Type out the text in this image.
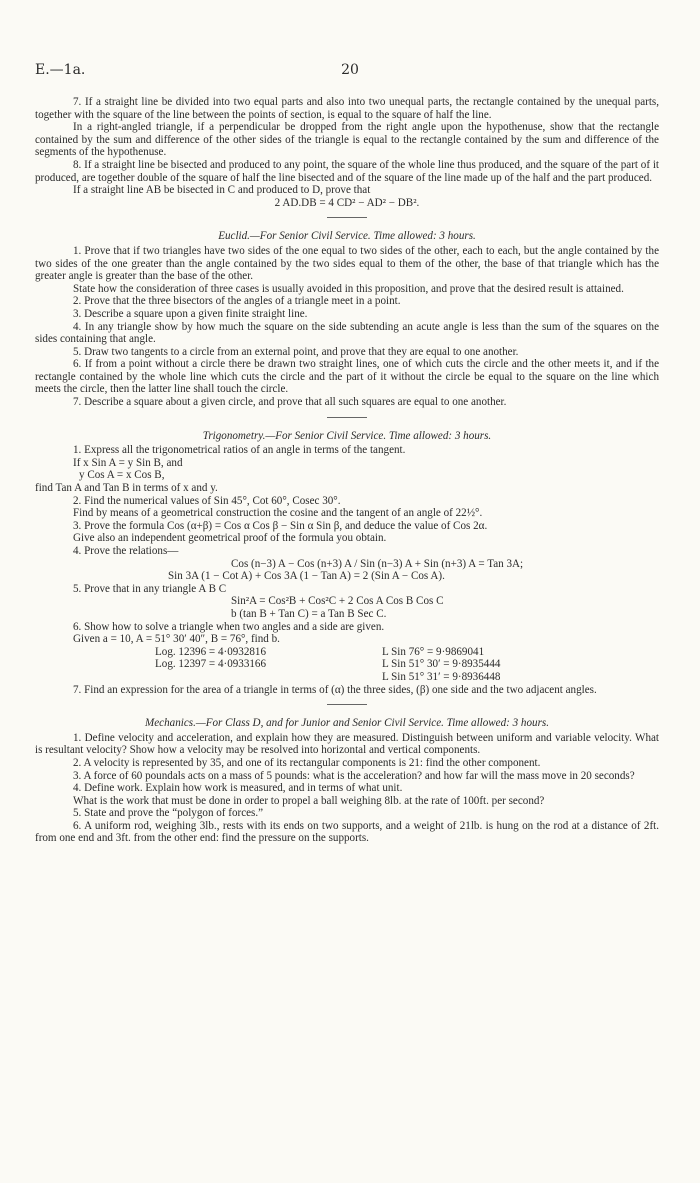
E.—1a.	20

7. If a straight line be divided into two equal parts and also into two unequal parts, the rectangle contained by the unequal parts, together with the square of the line between the points of section, is equal to the square of half the line.

In a right-angled triangle, if a perpendicular be dropped from the right angle upon the hypothenuse, show that the rectangle contained by the sum and difference of the other sides of the triangle is equal to the rectangle contained by the sum and difference of the segments of the hypothenuse.

8. If a straight line be bisected and produced to any point, the square of the whole line thus produced, and the square of the part of it produced, are together double of the square of half the line bisected and of the square of the line made up of the half and the part produced.

If a straight line AB be bisected in C and produced to D, prove that

2 AD.DB = 4 CD² − AD² − DB².

Euclid.—For Senior Civil Service. Time allowed: 3 hours.

1. Prove that if two triangles have two sides of the one equal to two sides of the other, each to each, but the angle contained by the two sides of the one greater than the angle contained by the two sides equal to them of the other, the base of that triangle which has the greater angle is greater than the base of the other.

State how the consideration of three cases is usually avoided in this proposition, and prove that the desired result is attained.

2. Prove that the three bisectors of the angles of a triangle meet in a point.

3. Describe a square upon a given finite straight line.

4. In any triangle show by how much the square on the side subtending an acute angle is less than the sum of the squares on the sides containing that angle.

5. Draw two tangents to a circle from an external point, and prove that they are equal to one another.

6. If from a point without a circle there be drawn two straight lines, one of which cuts the circle and the other meets it, and if the rectangle contained by the whole line which cuts the circle and the part of it without the circle be equal to the square on the line which meets the circle, then the latter line shall touch the circle.

7. Describe a square about a given circle, and prove that all such squares are equal to one another.

Trigonometry.—For Senior Civil Service. Time allowed: 3 hours.

1. Express all the trigonometrical ratios of an angle in terms of the tangent.

If x Sin A = y Sin B, and

y Cos A = x Cos B,

find Tan A and Tan B in terms of x and y.

2. Find the numerical values of Sin 45°, Cot 60°, Cosec 30°.

Find by means of a geometrical construction the cosine and the tangent of an angle of 22½°.

3. Prove the formula Cos (α+β) = Cos α Cos β − Sin α Sin β, and deduce the value of Cos 2α.

Give also an independent geometrical proof of the formula you obtain.

4. Prove the relations—

Cos (n−3) A − Cos (n+3) A / Sin (n−3) A + Sin (n+3) A = Tan 3A;

Sin 3A (1 − Cot A) + Cos 3A (1 − Tan A) = 2 (Sin A − Cos A).

5. Prove that in any triangle A B C

Sin²A = Cos²B + Cos²C + 2 Cos A Cos B Cos C

b (tan B + Tan C) = a Tan B Sec C.

6. Show how to solve a triangle when two angles and a side are given.

Given a = 10, A = 51° 30′ 40″, B = 76°, find b.

Log. 12396 = 4·0932816

Log. 12397 = 4·0933166

L Sin 76° = 9·9869041

L Sin 51° 30′ = 9·8935444

L Sin 51° 31′ = 9·8936448

7. Find an expression for the area of a triangle in terms of (α) the three sides, (β) one side and the two adjacent angles.

Mechanics.—For Class D, and for Junior and Senior Civil Service. Time allowed: 3 hours.

1. Define velocity and acceleration, and explain how they are measured. Distinguish between uniform and variable velocity. What is resultant velocity? Show how a velocity may be resolved into horizontal and vertical components.

2. A velocity is represented by 35, and one of its rectangular components is 21: find the other component.

3. A force of 60 poundals acts on a mass of 5 pounds: what is the acceleration? and how far will the mass move in 20 seconds?

4. Define work. Explain how work is measured, and in terms of what unit.

What is the work that must be done in order to propel a ball weighing 8lb. at the rate of 100ft. per second?

5. State and prove the “polygon of forces.”

6. A uniform rod, weighing 3lb., rests with its ends on two supports, and a weight of 21lb. is hung on the rod at a distance of 2ft. from one end and 3ft. from the other end: find the pressure on the supports.
